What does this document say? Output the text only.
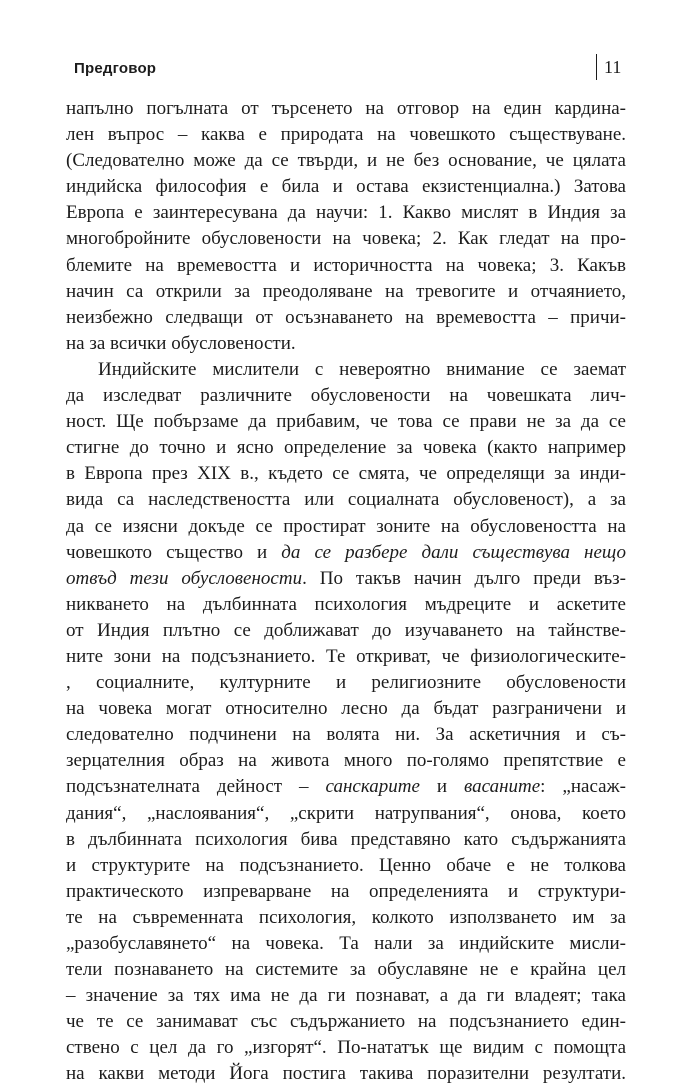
Предговор	11
напълно погълната от търсенето на отговор на един кардина-
лен въпрос – каква е природата на човешкото съществуване.
(Следователно може да се твърди, и не без основание, че цялата
индийска философия е била и остава екзистенциална.) Затова
Европа е заинтересувана да научи: 1. Какво мислят в Индия за
многобройните обусловености на човека; 2. Как гледат на про-
блемите на времевостта и историчността на човека; 3. Какъв
начин са открили за преодоляване на тревогите и отчаянието,
неизбежно следващи от осъзнаването на времевостта – причи-
на за всички обусловености.
Индийските мислители с невероятно внимание се заемат
да изследват различните обусловености на човешката лич-
ност. Ще побързаме да прибавим, че това се прави не за да се
стигне до точно и ясно определение за човека (както например
в Европа през XIX в., където се смята, че определящи за инди-
вида са наследствеността или социалната обусловеност), а за
да се изясни докъде се простират зоните на обусловеността на
човешкото същество и да се разбере дали съществува нещо
отвъд тези обусловености. По такъв начин дълго преди въз-
никването на дълбинната психология мъдреците и аскетите
от Индия плътно се доближават до изучаването на тайнстве-
ните зони на подсъзнанието. Те откриват, че физиологическите-
, социалните, културните и религиозните обусловености
на човека могат относително лесно да бъдат разграничени и
следователно подчинени на волята ни. За аскетичния и съ-
зерцателния образ на живота много по-голямо препятствие е
подсъзнателната дейност – санскарите и васаните: „насаж-
дания“, „наслоявания“, „скрити натрупвания“, онова, което
в дълбинната психология бива представяно като съдържанията
и структурите на подсъзнанието. Ценно обаче е не толкова
практическото изпреварване на определенията и структури-
те на съвременната психология, колкото използването им за
„разобуславянето“ на човека. Та нали за индийските мисли-
тели познаването на системите за обуславяне не е крайна цел
– значение за тях има не да ги познават, а да ги владеят; така
че те се занимават със съдържанието на подсъзнанието един-
ствено с цел да го „изгорят“. По-нататък ще видим с помощта
на какви методи Йога постига такива поразителни резултати.
